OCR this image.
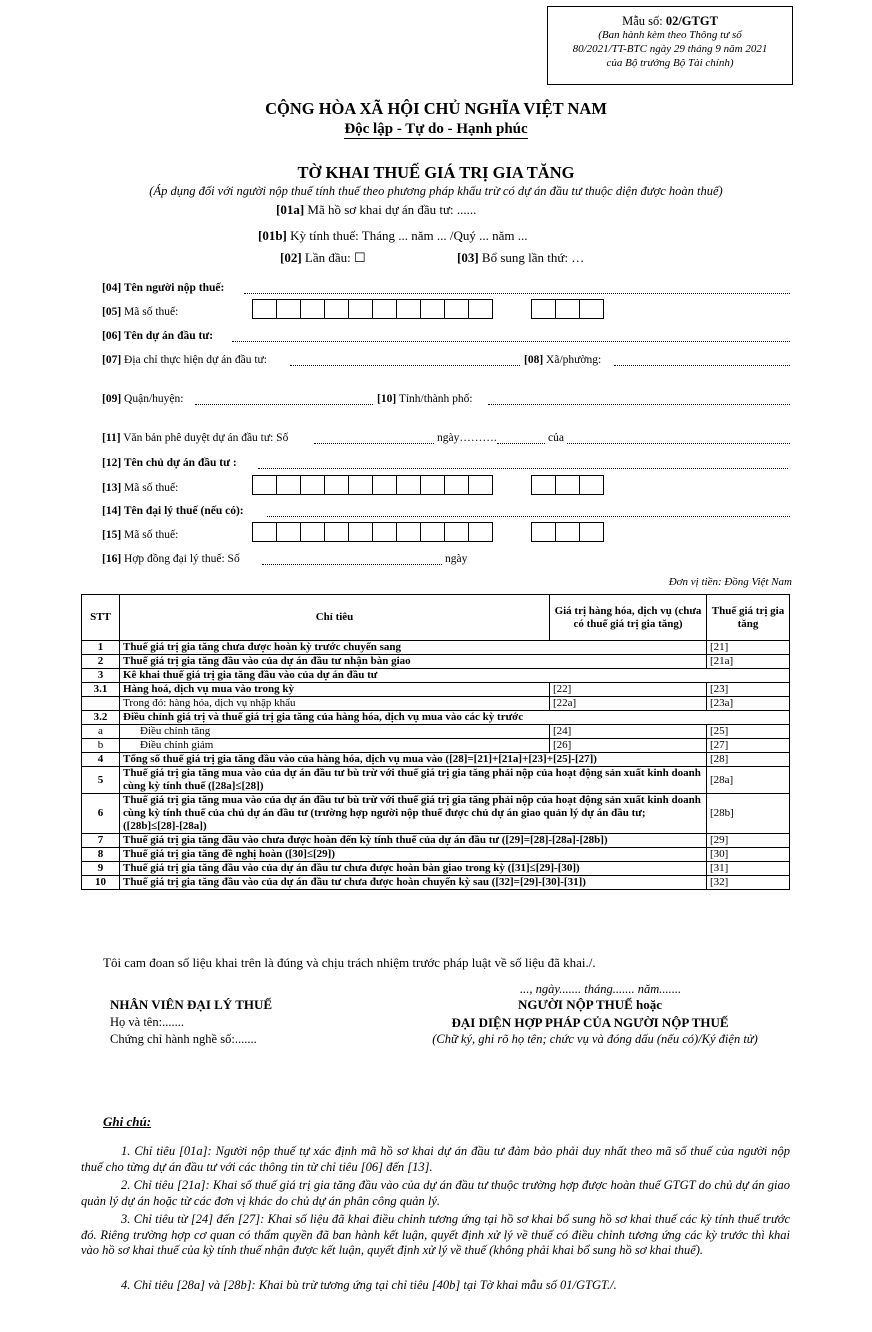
Mẫu số: 02/GTGT
(Ban hành kèm theo Thông tư số
80/2021/TT-BTC ngày 29 tháng 9 năm 2021
của Bộ trưởng Bộ Tài chính)
CỘNG HÒA XÃ HỘI CHỦ NGHĨA VIỆT NAM
Độc lập - Tự do - Hạnh phúc
TỜ KHAI THUẾ GIÁ TRỊ GIA TĂNG
(Áp dụng đối với người nộp thuế tính thuế theo phương pháp khấu trừ có dự án đầu tư thuộc diện được hoàn thuế)
[01a] Mã hồ sơ khai dự án đầu tư: ......
[01b] Kỳ tính thuế: Tháng ... năm ... /Quý ... năm ...
[02] Lần đầu: ☐	[03] Bổ sung lần thứ: …
[04] Tên người nộp thuế:
[05] Mã số thuế:
[06] Tên dự án đầu tư:
[07] Địa chỉ thực hiện dự án đầu tư:	[08] Xã/phường:
[09] Quận/huyện:	[10] Tỉnh/thành phố:
[11] Văn bản phê duyệt dự án đầu tư: Số	ngày……….	của
[12] Tên chủ dự án đầu tư :
[13] Mã số thuế:
[14] Tên đại lý thuế (nếu có):
[15] Mã số thuế:
[16] Hợp đồng đại lý thuế: Số	ngày
Đơn vị tiền: Đồng Việt Nam
STT	Chỉ tiêu	Giá trị hàng hóa, dịch vụ (chưa có thuế giá trị gia tăng)	Thuế giá trị gia tăng
1	Thuế giá trị gia tăng chưa được hoàn kỳ trước chuyển sang		[21]
2	Thuế giá trị gia tăng đầu vào của dự án đầu tư nhận bàn giao		[21a]
3	Kê khai thuế giá trị gia tăng đầu vào của dự án đầu tư		
3.1	Hàng hoá, dịch vụ mua vào trong kỳ	[22]	[23]
	Trong đó: hàng hóa, dịch vụ nhập khẩu	[22a]	[23a]
3.2	Điều chỉnh giá trị và thuế giá trị gia tăng của hàng hóa, dịch vụ mua vào các kỳ trước		
a	Điều chỉnh tăng	[24]	[25]
b	Điều chỉnh giảm	[26]	[27]
4	Tổng số thuế giá trị gia tăng đầu vào của hàng hóa, dịch vụ mua vào ([28]=[21]+[21a]+[23]+[25]-[27])		[28]
5	Thuế giá trị gia tăng mua vào của dự án đầu tư bù trừ với thuế giá trị gia tăng phải nộp của hoạt động sản xuất kinh doanh cùng kỳ tính thuế ([28a]≤[28])		[28a]
6	Thuế giá trị gia tăng mua vào của dự án đầu tư bù trừ với thuế giá trị gia tăng phải nộp của hoạt động sản xuất kinh doanh cùng kỳ tính thuế của chủ dự án đầu tư (trường hợp người nộp thuế được chủ dự án giao quản lý dự án đầu tư; ([28b]≤[28]-[28a])		[28b]
7	Thuế giá trị gia tăng đầu vào chưa được hoàn đến kỳ tính thuế của dự án đầu tư ([29]=[28]-[28a]-[28b])		[29]
8	Thuế giá trị gia tăng đề nghị hoàn ([30]≤[29])		[30]
9	Thuế giá trị gia tăng đầu vào của dự án đầu tư chưa được hoàn bàn giao trong kỳ ([31]≤[29]-[30])		[31]
10	Thuế giá trị gia tăng đầu vào của dự án đầu tư chưa được hoàn chuyển kỳ sau ([32]=[29]-[30]-[31])		[32]
Tôi cam đoan số liệu khai trên là đúng và chịu trách nhiệm trước pháp luật về số liệu đã khai./.
..., ngày....... tháng....... năm.......
NHÂN VIÊN ĐẠI LÝ THUẾ
Họ và tên:.......
Chứng chỉ hành nghề số:.......
NGƯỜI NỘP THUẾ hoặc
ĐẠI DIỆN HỢP PHÁP CỦA NGƯỜI NỘP THUẾ
(Chữ ký, ghi rõ họ tên; chức vụ và đóng dấu (nếu có)/Ký điện tử)
Ghi chú:
1. Chỉ tiêu [01a]: Người nộp thuế tự xác định mã hồ sơ khai dự án đầu tư đảm bảo phải duy nhất theo mã số thuế của người nộp thuế cho từng dự án đầu tư với các thông tin từ chỉ tiêu [06] đến [13].
2. Chỉ tiêu [21a]: Khai số thuế giá trị gia tăng đầu vào của dự án đầu tư thuộc trường hợp được hoàn thuế GTGT do chủ dự án giao quản lý dự án hoặc từ các đơn vị khác do chủ dự án phân công quản lý.
3. Chỉ tiêu từ [24] đến [27]: Khai số liệu đã khai điều chỉnh tương ứng tại hồ sơ khai bổ sung hồ sơ khai thuế các kỳ tính thuế trước đó. Riêng trường hợp cơ quan có thẩm quyền đã ban hành kết luận, quyết định xử lý về thuế có điều chỉnh tương ứng các kỳ trước thì khai vào hồ sơ khai thuế của kỳ tính thuế nhận được kết luận, quyết định xử lý về thuế (không phải khai bổ sung hồ sơ khai thuế).
4. Chỉ tiêu [28a] và [28b]: Khai bù trừ tương ứng tại chỉ tiêu [40b] tại Tờ khai mẫu số 01/GTGT./.
